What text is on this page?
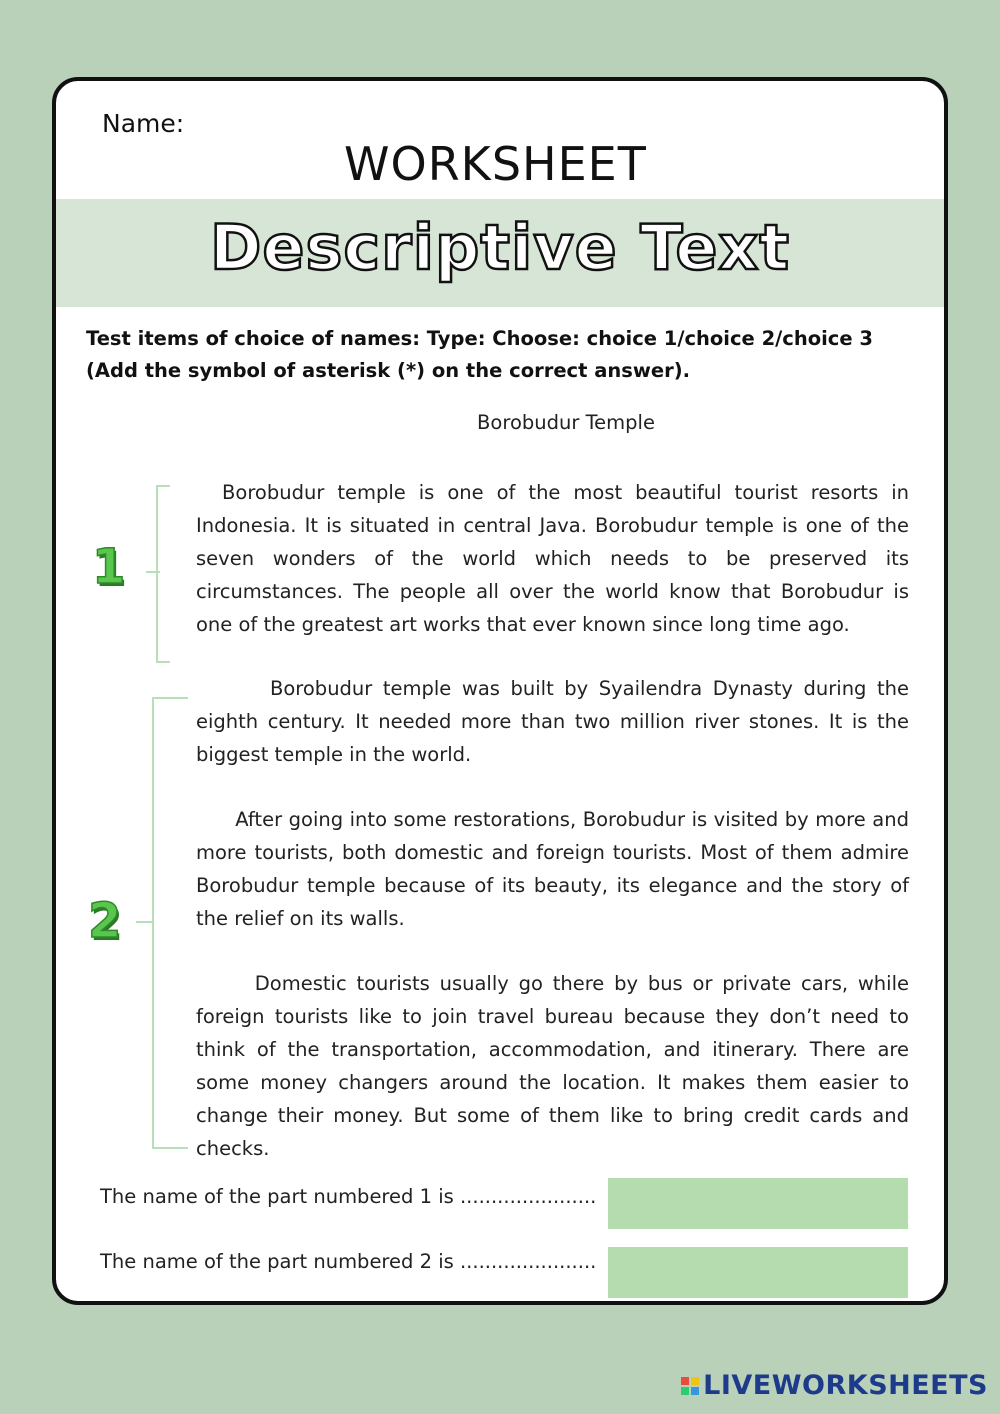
Name:
WORKSHEET
Descriptive Text
Test items of choice of names: Type: Choose: choice 1/choice 2/choice 3 (Add the symbol of asterisk (*) on the correct answer).
Borobudur Temple
1
2

Borobudur temple is one of the most beautiful tourist resorts in Indonesia. It is situated in central Java. Borobudur temple is one of the seven wonders of the world which needs to be preserved its circumstances. The people all over the world know that Borobudur is one of the greatest art works that ever known since long time ago.

Borobudur temple was built by Syailendra Dynasty during the eighth century. It needed more than two million river stones. It is the biggest temple in the world.

After going into some restorations, Borobudur is visited by more and more tourists, both domestic and foreign tourists. Most of them admire Borobudur temple because of its beauty, its elegance and the story of the relief on its walls.

Domestic tourists usually go there by bus or private cars, while foreign tourists like to join travel bureau because they don’t need to think of the transportation, accommodation, and itinerary. There are some money changers around the location. It makes them easier to change their money. But some of them like to bring credit cards and checks.

The name of the part numbered 1 is ......................
The name of the part numbered 2 is ......................
LIVEWORKSHEETS
